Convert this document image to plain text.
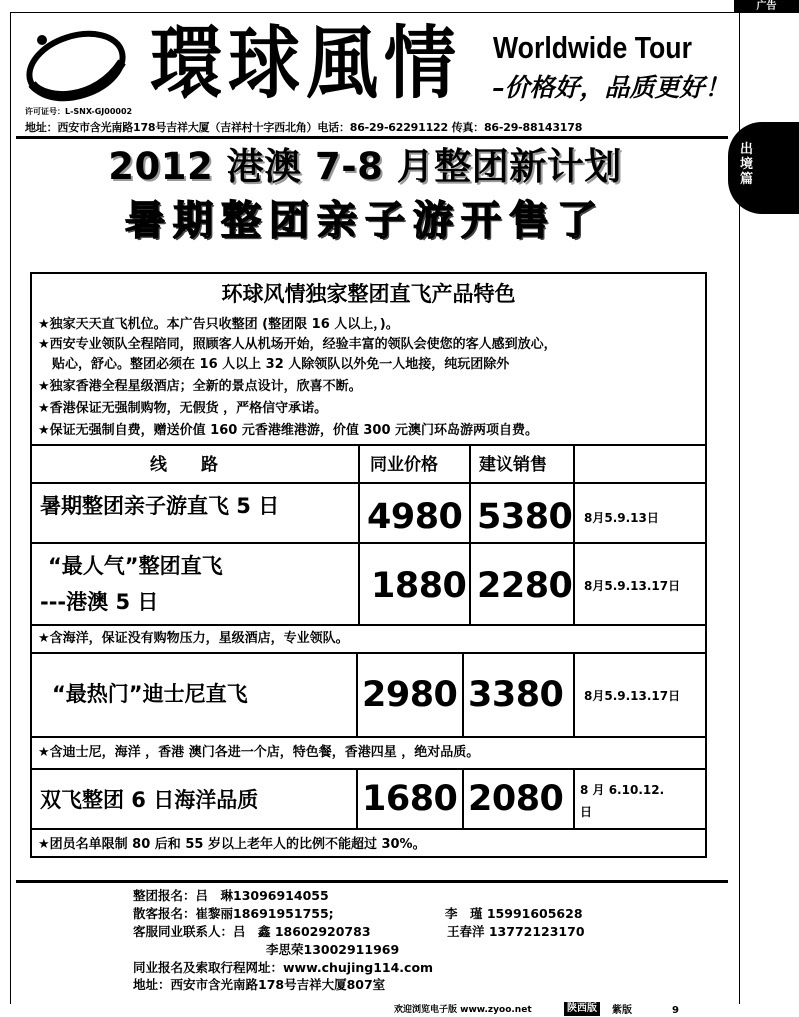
广告
出境篇
環球風情 Worldwide Tour
–价格好，品质更好！
许可证号：L-SNX-GJ00002
地址：西安市含光南路178号吉祥大厦（吉祥村十字西北角）电话：86-29-62291122 传真：86-29-88143178
2012 港澳 7-8 月整团新计划
暑期整团亲子游开售了
环球风情独家整团直飞产品特色
★独家天天直飞机位。本广告只收整团 (整团限 16 人以上，)。
★西安专业领队全程陪同，照顾客人从机场开始，经验丰富的领队会使您的客人感到放心，
贴心，舒心。整团必须在 16 人以上 32 人除领队以外免一人地接，纯玩团除外
★独家香港全程星级酒店；全新的景点设计，欣喜不断。
★香港保证无强制购物，无假货 ，严格信守承诺。
★保证无强制自费，赠送价值 160 元香港维港游，价值 300 元澳门环岛游两项自费。
线　　路	同业价格 建议销售
暑期整团亲子游直飞 5 日	4980 5380 8月5.9.13日
“最人气”整团直飞
---港澳 5 日	1880 2280 8月5.9.13.17日
★含海洋，保证没有购物压力，星级酒店，专业领队。
“最热门”迪士尼直飞	2980 3380 8月5.9.13.17日
★含迪士尼，海洋 ，香港 澳门各进一个店，特色餐，香港四星 ，绝对品质。
双飞整团 6 日海洋品质	1680 2080 8 月 6.10.12.
日
★团员名单限制 80 后和 55 岁以上老年人的比例不能超过 30%。
整团报名：吕　琳13096914055
散客报名：崔黎丽18691951755;	李　瑾 15991605628
客服同业联系人：吕　鑫 18602920783	王春洋 13772123170
李思荣13002911969
同业报名及索取行程网址：www.chujing114.com
地址：西安市含光南路178号吉祥大厦807室
欢迎浏览电子版 www.zyoo.net	陕西版	紫版	9
